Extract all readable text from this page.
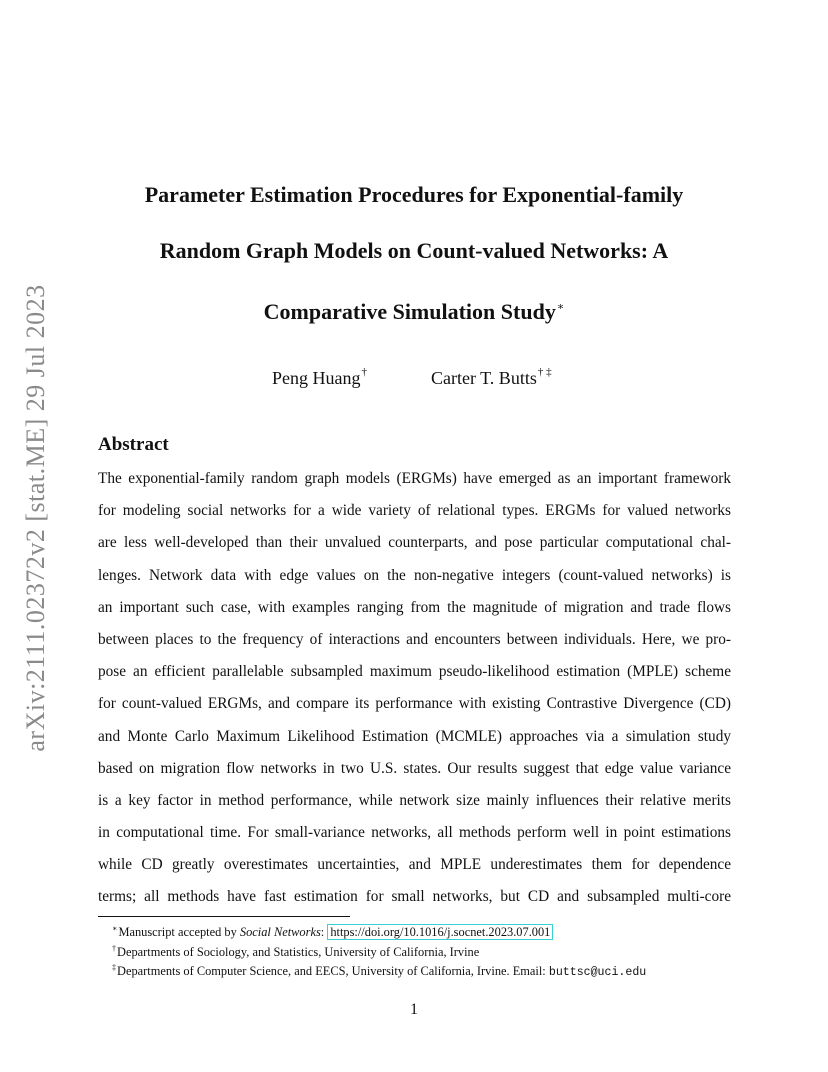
arXiv:2111.02372v2 [stat.ME] 29 Jul 2023
Parameter Estimation Procedures for Exponential-family
Random Graph Models on Count-valued Networks: A
Comparative Simulation Study∗
Peng Huang†	Carter T. Butts† ‡
Abstract
The exponential-family random graph models (ERGMs) have emerged as an important framework
for modeling social networks for a wide variety of relational types. ERGMs for valued networks
are less well-developed than their unvalued counterparts, and pose particular computational chal-
lenges. Network data with edge values on the non-negative integers (count-valued networks) is
an important such case, with examples ranging from the magnitude of migration and trade flows
between places to the frequency of interactions and encounters between individuals. Here, we pro-
pose an efficient parallelable subsampled maximum pseudo-likelihood estimation (MPLE) scheme
for count-valued ERGMs, and compare its performance with existing Contrastive Divergence (CD)
and Monte Carlo Maximum Likelihood Estimation (MCMLE) approaches via a simulation study
based on migration flow networks in two U.S. states. Our results suggest that edge value variance
is a key factor in method performance, while network size mainly influences their relative merits
in computational time. For small-variance networks, all methods perform well in point estimations
while CD greatly overestimates uncertainties, and MPLE underestimates them for dependence
terms; all methods have fast estimation for small networks, but CD and subsampled multi-core
∗Manuscript accepted by Social Networks: https://doi.org/10.1016/j.socnet.2023.07.001
†Departments of Sociology, and Statistics, University of California, Irvine
‡Departments of Computer Science, and EECS, University of California, Irvine. Email: buttsc@uci.edu
1
